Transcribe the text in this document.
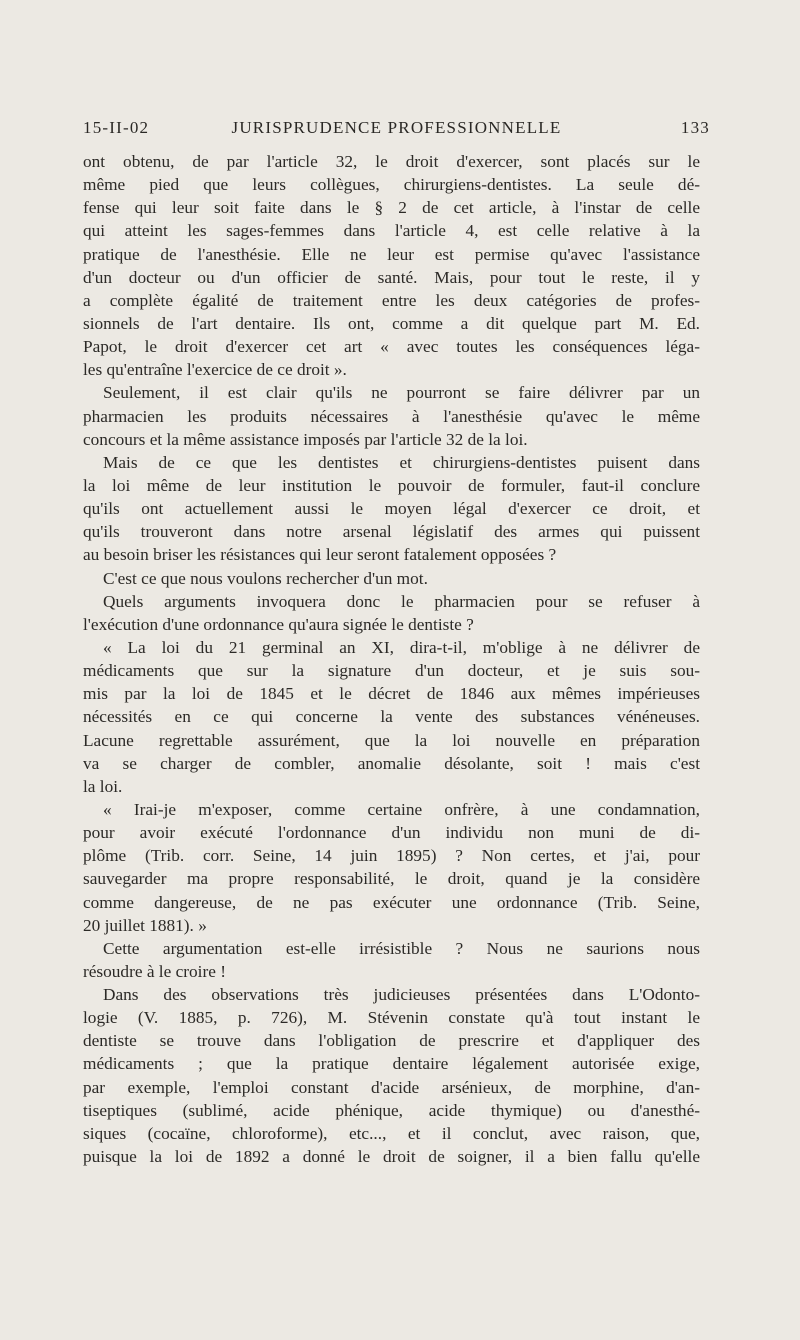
15-II-02	JURISPRUDENCE PROFESSIONNELLE	133
ont obtenu, de par l'article 32, le droit d'exercer, sont placés sur le
même pied que leurs collègues, chirurgiens-dentistes. La seule dé-
fense qui leur soit faite dans le § 2 de cet article, à l'instar de celle
qui atteint les sages-femmes dans l'article 4, est celle relative à la
pratique de l'anesthésie. Elle ne leur est permise qu'avec l'assistance
d'un docteur ou d'un officier de santé. Mais, pour tout le reste, il y
a complète égalité de traitement entre les deux catégories de profes-
sionnels de l'art dentaire. Ils ont, comme a dit quelque part M. Ed.
Papot, le droit d'exercer cet art « avec toutes les conséquences léga-
les qu'entraîne l'exercice de ce droit ».
Seulement, il est clair qu'ils ne pourront se faire délivrer par un
pharmacien les produits nécessaires à l'anesthésie qu'avec le même
concours et la même assistance imposés par l'article 32 de la loi.
Mais de ce que les dentistes et chirurgiens-dentistes puisent dans
la loi même de leur institution le pouvoir de formuler, faut-il conclure
qu'ils ont actuellement aussi le moyen légal d'exercer ce droit, et
qu'ils trouveront dans notre arsenal législatif des armes qui puissent
au besoin briser les résistances qui leur seront fatalement opposées ?
C'est ce que nous voulons rechercher d'un mot.
Quels arguments invoquera donc le pharmacien pour se refuser à
l'exécution d'une ordonnance qu'aura signée le dentiste ?
« La loi du 21 germinal an XI, dira-t-il, m'oblige à ne délivrer de
médicaments que sur la signature d'un docteur, et je suis sou-
mis par la loi de 1845 et le décret de 1846 aux mêmes impérieuses
nécessités en ce qui concerne la vente des substances vénéneuses.
Lacune regrettable assurément, que la loi nouvelle en préparation
va se charger de combler, anomalie désolante, soit ! mais c'est
la loi.
« Irai-je m'exposer, comme certaine onfrère, à une condamnation,
pour avoir exécuté l'ordonnance d'un individu non muni de di-
plôme (Trib. corr. Seine, 14 juin 1895) ? Non certes, et j'ai, pour
sauvegarder ma propre responsabilité, le droit, quand je la considère
comme dangereuse, de ne pas exécuter une ordonnance (Trib. Seine,
20 juillet 1881). »
Cette argumentation est-elle irrésistible ? Nous ne saurions nous
résoudre à le croire !
Dans des observations très judicieuses présentées dans L'Odonto-
logie (V. 1885, p. 726), M. Stévenin constate qu'à tout instant le
dentiste se trouve dans l'obligation de prescrire et d'appliquer des
médicaments ; que la pratique dentaire légalement autorisée exige,
par exemple, l'emploi constant d'acide arsénieux, de morphine, d'an-
tiseptiques (sublimé, acide phénique, acide thymique) ou d'anesthé-
siques (cocaïne, chloroforme), etc..., et il conclut, avec raison, que,
puisque la loi de 1892 a donné le droit de soigner, il a bien fallu qu'elle
